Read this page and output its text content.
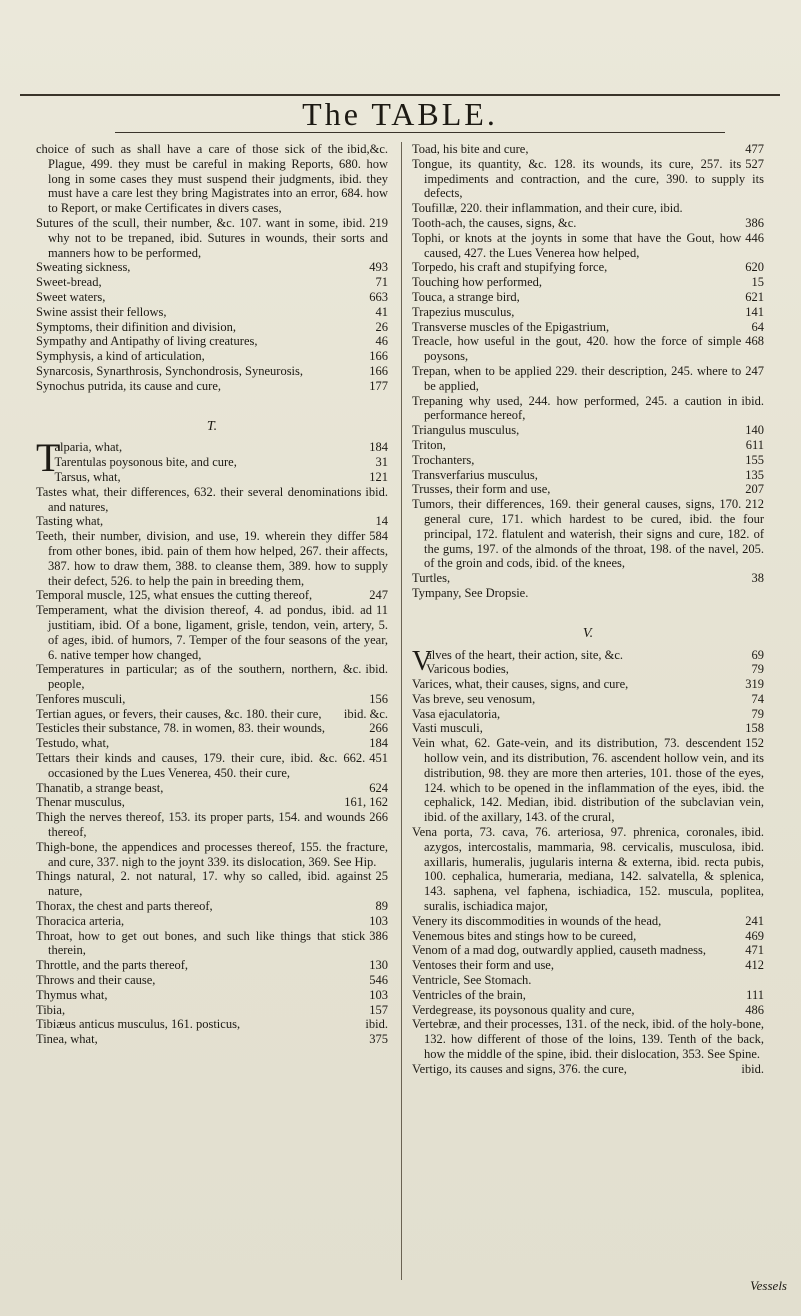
The TABLE.

ibid,&c.
choice of such as shall have a care of those sick of the Plague, 499. they must be careful in making Reports, 680. how long in some cases they must suspend their judgments, ibid. they must have a care lest they bring Magistrates into an error, 684. how to Report, or make Certificates in divers cases,

219
Sutures of the scull, their number, &c. 107. want in some, ibid. why not to be trepaned, ibid. Sutures in wounds, their sorts and manners how to be performed,

493
Sweating sickness,

71
Sweet-bread,

663
Sweet waters,

41
Swine assist their fellows,

26
Symptoms, their difinition and division,

46
Sympathy and Antipathy of living creatures,

166
Symphysis, a kind of articulation,

166
Synarcosis, Synarthrosis, Synchondrosis, Syneurosis,

177
Synochus putrida, its cause and cure,

T.

T	184
alparia, what,

31
Tarentulas poysonous bite, and cure,

121
Tarsus, what,

ibid.
Tastes what, their differences, 632. their several denominations and natures,

14
Tasting what,

584
Teeth, their number, division, and use, 19. wherein they differ from other bones, ibid. pain of them how helped, 267. their affects, 387. how to draw them, 388. to cleanse them, 389. how to supply their defect, 526. to help the pain in breeding them,

247
Temporal muscle, 125, what ensues the cutting thereof,

11
Temperament, what the division thereof, 4. ad pondus, ibid. ad justitiam, ibid. Of a bone, ligament, grisle, tendon, vein, artery, 5. of ages, ibid. of humors, 7. Temper of the four seasons of the year, 6. native temper how changed,

ibid.
Temperatures in particular; as of the southern, northern, &c. people,

156
Tenfores musculi,

ibid. &c.
Tertian agues, or fevers, their causes, &c. 180. their cure,

266
Testicles their substance, 78. in women, 83. their wounds,

184
Testudo, what,

451
Tettars their kinds and causes, 179. their cure, ibid. &c. 662. occasioned by the Lues Venerea, 450. their cure,

624
Thanatib, a strange beast,

161, 162
Thenar musculus,

266
Thigh the nerves thereof, 153. its proper parts, 154. and wounds thereof,

Thigh-bone, the appendices and processes thereof, 155. the fracture, and cure, 337. nigh to the joynt 339. its dislocation, 369. See Hip.

25
Things natural, 2. not natural, 17. why so called, ibid. against nature,

89
Thorax, the chest and parts thereof,

103
Thoracica arteria,

386
Throat, how to get out bones, and such like things that stick therein,

130
Throttle, and the parts thereof,

546
Throws and their cause,

103
Thymus what,

157
Tibia,

ibid.
Tibiæus anticus musculus, 161. posticus,

375
Tinea, what,

477
Toad, his bite and cure,

527
Tongue, its quantity, &c. 128. its wounds, its cure, 257. its impediments and contraction, and the cure, 390. to supply its defects,

Toufillæ, 220. their inflammation, and their cure, ibid.

386
Tooth-ach, the causes, signs, &c.

446
Tophi, or knots at the joynts in some that have the Gout, how caused, 427. the Lues Venerea how helped,

620
Torpedo, his craft and stupifying force,

15
Touching how performed,

621
Touca, a strange bird,

141
Trapezius musculus,

64
Transverse muscles of the Epigastrium,

468
Treacle, how useful in the gout, 420. how the force of simple poysons,

247
Trepan, when to be applied 229. their description, 245. where to be applied,

ibid.
Trepaning why used, 244. how performed, 245. a caution in performance hereof,

140
Triangulus musculus,

611
Triton,

155
Trochanters,

135
Transverfarius musculus,

207
Trusses, their form and use,

212
Tumors, their differences, 169. their general causes, signs, 170. general cure, 171. which hardest to be cured, ibid. the four principal, 172. flatulent and waterish, their signs and cure, 182. of the gums, 197. of the almonds of the throat, 198. of the navel, 205. of the groin and cods, ibid. of the knees,

38
Turtles,

Tympany, See Dropsie.

V.

V	69
alves of the heart, their action, site, &c.

79
Varicous bodies,

319
Varices, what, their causes, signs, and cure,

74
Vas breve, seu venosum,

79
Vasa ejaculatoria,

158
Vasti musculi,

152
Vein what, 62. Gate-vein, and its distribution, 73. descendent hollow vein, and its distribution, 76. ascendent hollow vein, and its distribution, 98. they are more then arteries, 101. those of the eyes, 124. which to be opened in the inflammation of the eyes, ibid. the cephalick, 142. Median, ibid. distribution of the subclavian vein, ibid. of the axillary, 143. of the crural,

ibid.
Vena porta, 73. cava, 76. arteriosa, 97. phrenica, coronales, azygos, intercostalis, mammaria, 98. cervicalis, musculosa, ibid. axillaris, humeralis, jugularis interna & externa, ibid. recta pubis, 100. cephalica, humeraria, mediana, 142. salvatella, & splenica, 143. saphena, vel faphena, ischiadica, 152. muscula, poplitea, suralis, ischiadica major,

241
Venery its discommodities in wounds of the head,

469
Venemous bites and stings how to be cureed,

471
Venom of a mad dog, outwardly applied, causeth madness,

412
Ventoses their form and use,

Ventricle, See Stomach.

111
Ventricles of the brain,

486
Verdegrease, its poysonous quality and cure,

Vertebræ, and their processes, 131. of the neck, ibid. of the holy-bone, 132. how different of those of the loins, 139. Tenth of the back, how the middle of the spine, ibid. their dislocation, 353. See Spine.

ibid.
Vertigo, its causes and signs, 376. the cure,

Vessels
